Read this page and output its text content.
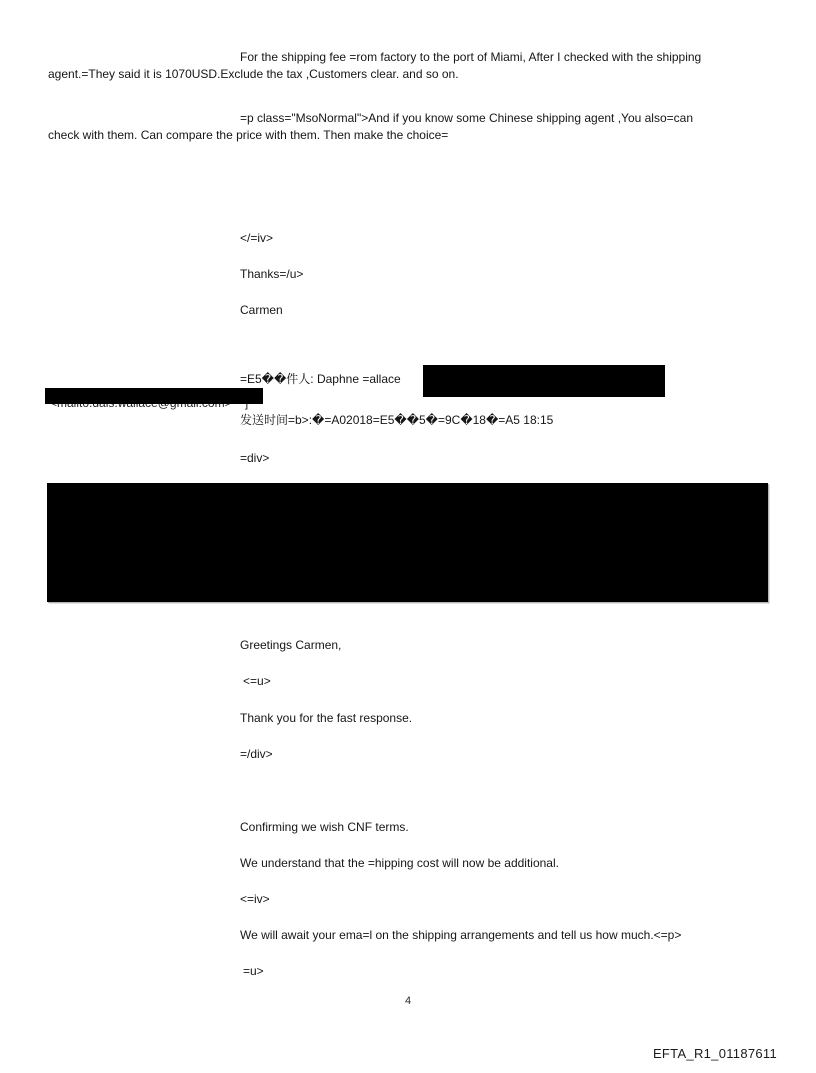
For the shipping fee =rom factory to the port of Miami, After I checked with the shipping
agent.=They said it is 1070USD.Exclude the tax ,Customers clear. and so on.
=p class="MsoNormal">And if you know some Chinese shipping agent ,You also=can
check with them. Can compare the price with them. Then make the choice=
</=iv>
Thanks=/u>
Carmen
=E5��件人: Daphne =allace
发送时间=b>:�=A02018=E5��5�=9C�18�=A5 18:15
=div>
Greetings Carmen,
<=u>
Thank you for the fast response.
=/div>
Confirming we wish CNF terms.
We understand that the =hipping cost will now be additional.
<=iv>
We will await your ema=l on the shipping arrangements and tell us how much.<=p>
=u>
4
EFTA_R1_01187611
